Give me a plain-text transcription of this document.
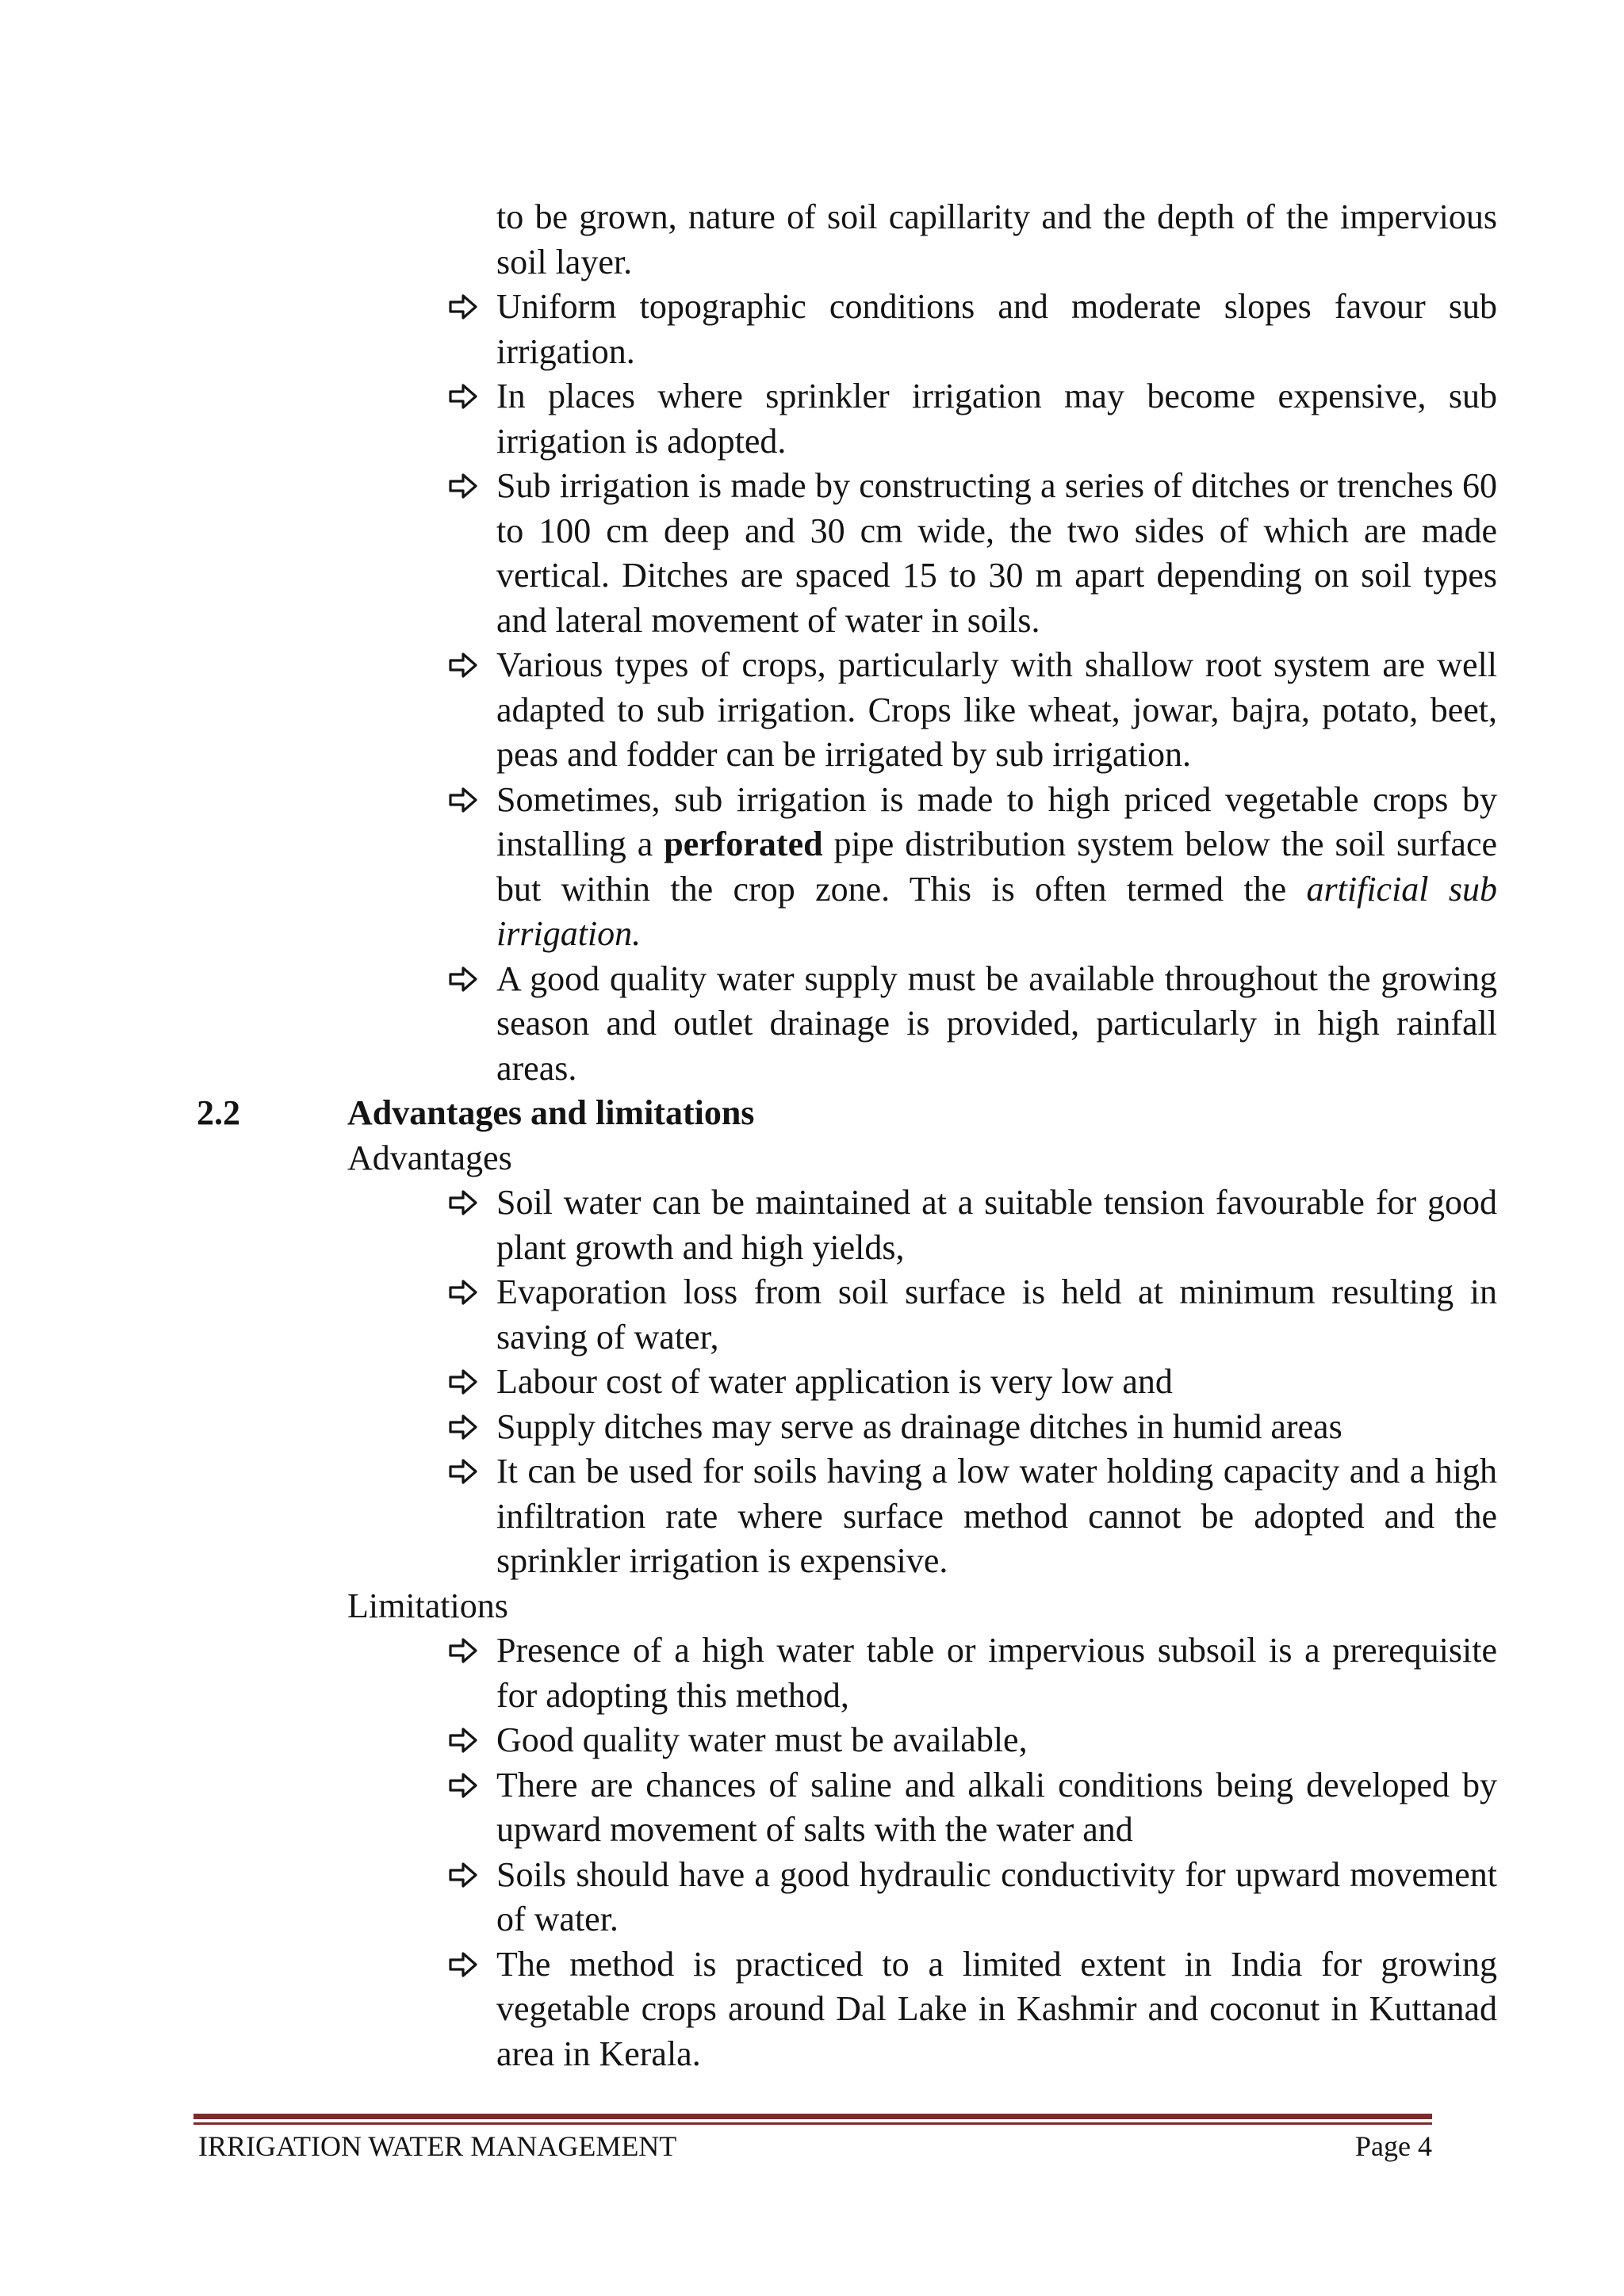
to be grown, nature of soil capillarity and the depth of the impervious soil layer.
Uniform topographic conditions and moderate slopes favour sub irrigation.
In places where sprinkler irrigation may become expensive, sub irrigation is adopted.
Sub irrigation is made by constructing a series of ditches or trenches 60 to 100 cm deep and 30 cm wide, the two sides of which are made vertical. Ditches are spaced 15 to 30 m apart depending on soil types and lateral movement of water in soils.
Various types of crops, particularly with shallow root system are well adapted to sub irrigation. Crops like wheat, jowar, bajra, potato, beet, peas and fodder can be irrigated by sub irrigation.
Sometimes, sub irrigation is made to high priced vegetable crops by installing a perforated pipe distribution system below the soil surface but within the crop zone. This is often termed the artificial sub irrigation.
A good quality water supply must be available throughout the growing season and outlet drainage is provided, particularly in high rainfall areas.
2.2	Advantages and limitations
Advantages
Soil water can be maintained at a suitable tension favourable for good plant growth and high yields,
Evaporation loss from soil surface is held at minimum resulting in saving of water,
Labour cost of water application is very low and
Supply ditches may serve as drainage ditches in humid areas
It can be used for soils having a low water holding capacity and a high infiltration rate where surface method cannot be adopted and the sprinkler irrigation is expensive.
Limitations
Presence of a high water table or impervious subsoil is a prerequisite for adopting this method,
Good quality water must be available,
There are chances of saline and alkali conditions being developed by upward movement of salts with the water and
Soils should have a good hydraulic conductivity for upward movement of water.
The method is practiced to a limited extent in India for growing vegetable crops around Dal Lake in Kashmir and coconut in Kuttanad area in Kerala.
IRRIGATION WATER MANAGEMENT	Page 4
